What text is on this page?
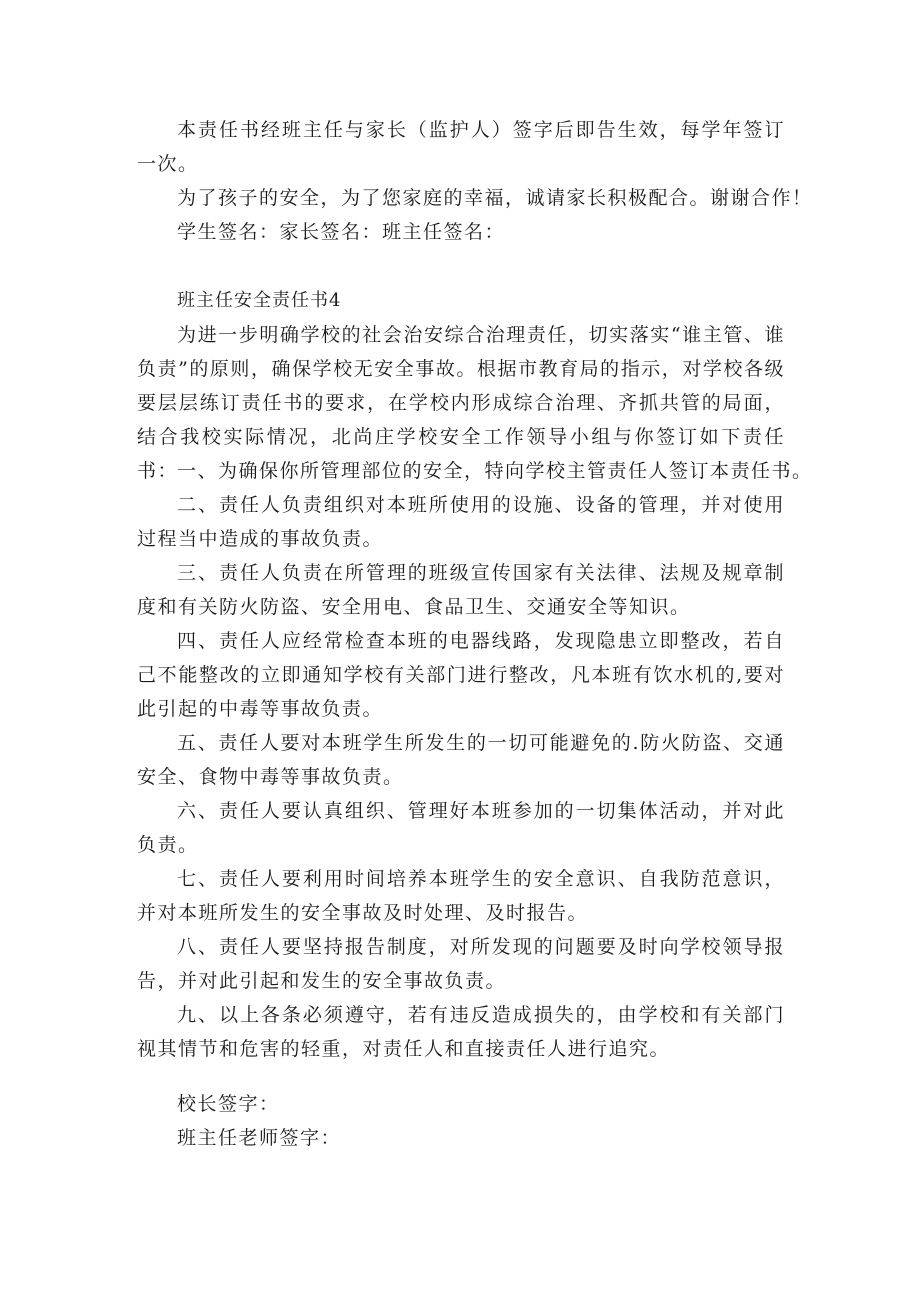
本责任书经班主任与家长（监护人）签字后即告生效，每学年签订一次。

为了孩子的安全，为了您家庭的幸福，诚请家长积极配合。谢谢合作！

学生签名：家长签名：班主任签名：

班主任安全责任书4

为进一步明确学校的社会治安综合治理责任，切实落实“谁主管、谁负责”的原则，确保学校无安全事故。根据市教育局的指示，对学校各级要层层练订责任书的要求，在学校内形成综合治理、齐抓共管的局面，结合我校实际情况，北尚庄学校安全工作领导小组与你签订如下责任书：

一、为确保你所管理部位的安全，特向学校主管责任人签订本责任书。

二、责任人负责组织对本班所使用的设施、设备的管理，并对使用过程当中造成的事故负责。

三、责任人负责在所管理的班级宣传国家有关法律、法规及规章制度和有关防火防盗、安全用电、食品卫生、交通安全等知识。

四、责任人应经常检查本班的电器线路，发现隐患立即整改，若自己不能整改的立即通知学校有关部门进行整改，凡本班有饮水机的,要对此引起的中毒等事故负责。

五、责任人要对本班学生所发生的一切可能避免的.防火防盗、交通安全、食物中毒等事故负责。

六、责任人要认真组织、管理好本班参加的一切集体活动，并对此负责。

七、责任人要利用时间培养本班学生的安全意识、自我防范意识，并对本班所发生的安全事故及时处理、及时报告。

八、责任人要坚持报告制度，对所发现的问题要及时向学校领导报告，并对此引起和发生的安全事故负责。

九、以上各条必须遵守，若有违反造成损失的，由学校和有关部门视其情节和危害的轻重，对责任人和直接责任人进行追究。

校长签字：

班主任老师签字：
